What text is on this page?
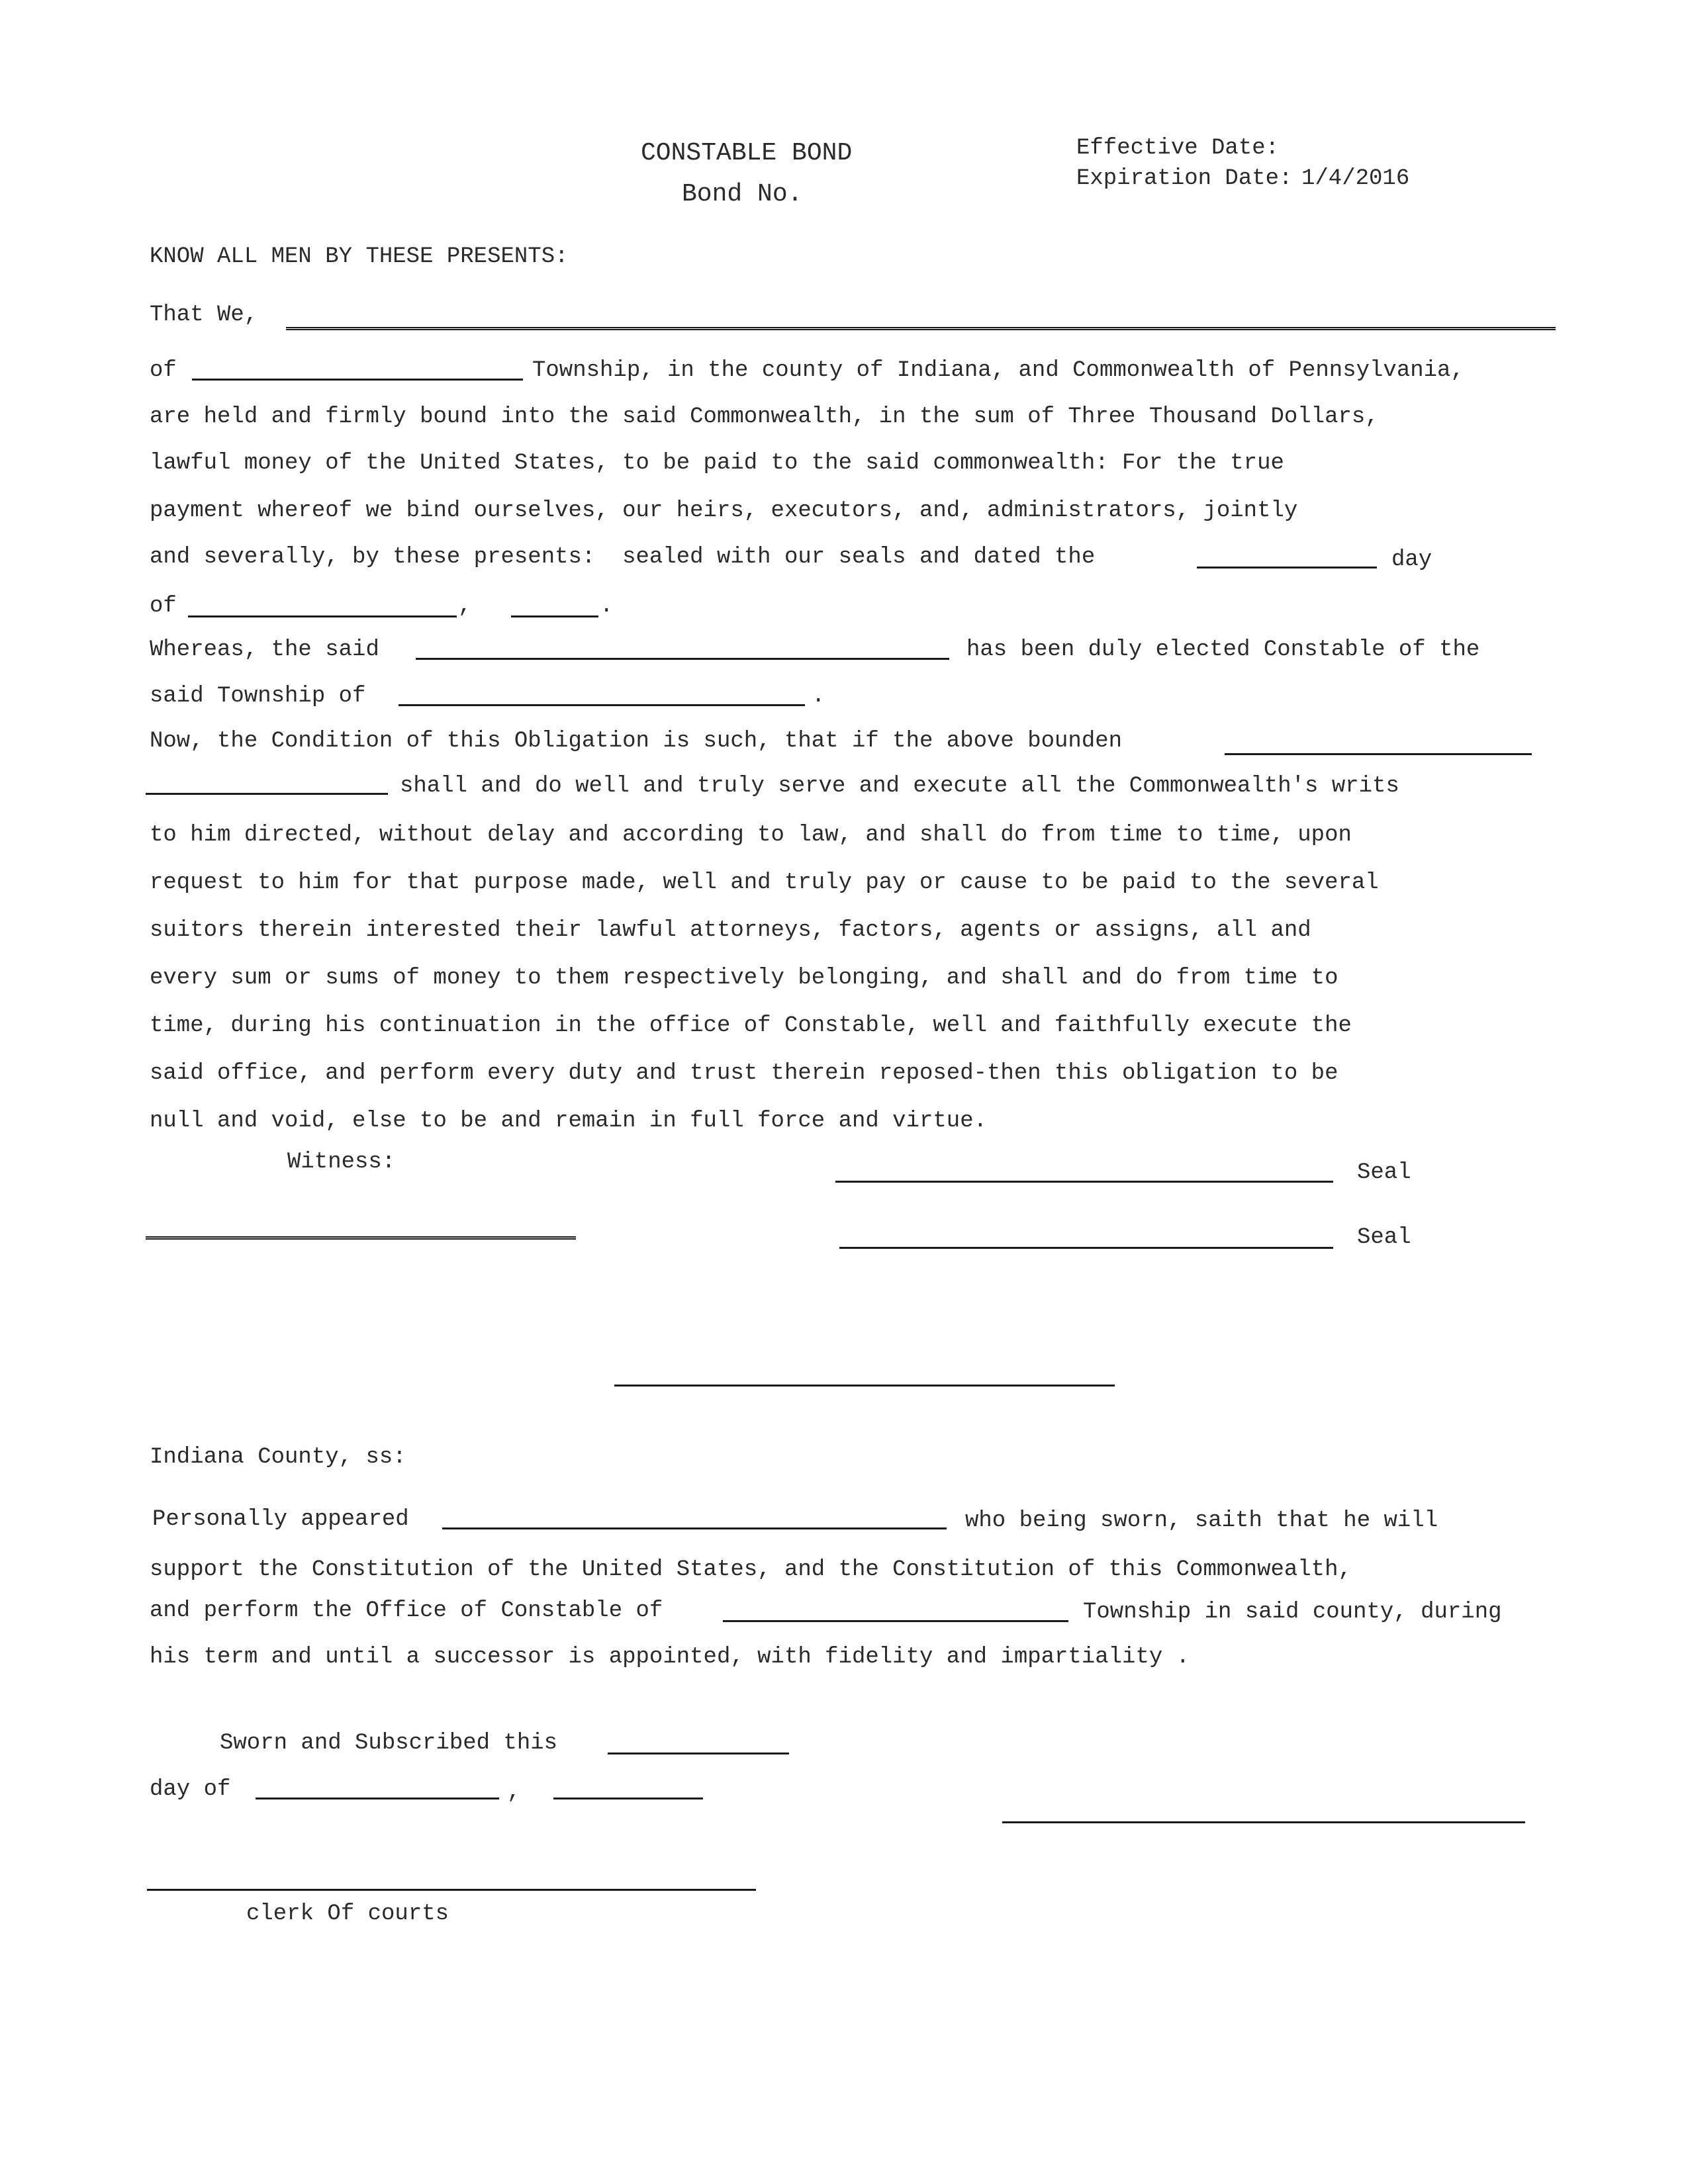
CONSTABLE BOND
Bond No.
Effective Date:
Expiration Date: 1/4/2016
KNOW ALL MEN BY THESE PRESENTS:
That We,
of	Township, in the county of Indiana, and Commonwealth of Pennsylvania,
are held and firmly bound into the said Commonwealth, in the sum of Three Thousand Dollars,
lawful money of the United States, to be paid to the said commonwealth: For the true
payment whereof we bind ourselves, our heirs, executors, and, administrators, jointly
and severally, by these presents:  sealed with our seals and dated the	day
of	,	.
Whereas, the said	has been duly elected Constable of the
said Township of	.
Now, the Condition of this Obligation is such, that if the above bounden
shall and do well and truly serve and execute all the Commonwealth's writs
to him directed, without delay and according to law, and shall do from time to time, upon
request to him for that purpose made, well and truly pay or cause to be paid to the several
suitors therein interested their lawful attorneys, factors, agents or assigns, all and
every sum or sums of money to them respectively belonging, and shall and do from time to
time, during his continuation in the office of Constable, well and faithfully execute the
said office, and perform every duty and trust therein reposed-then this obligation to be
null and void, else to be and remain in full force and virtue.
Witness:	Seal
Seal
Indiana County, ss:
Personally appeared	who being sworn, saith that he will
support the Constitution of the United States, and the Constitution of this Commonwealth,
and perform the Office of Constable of	Township in said county, during
his term and until a successor is appointed, with fidelity and impartiality .
Sworn and Subscribed this
day of	,
clerk Of courts
